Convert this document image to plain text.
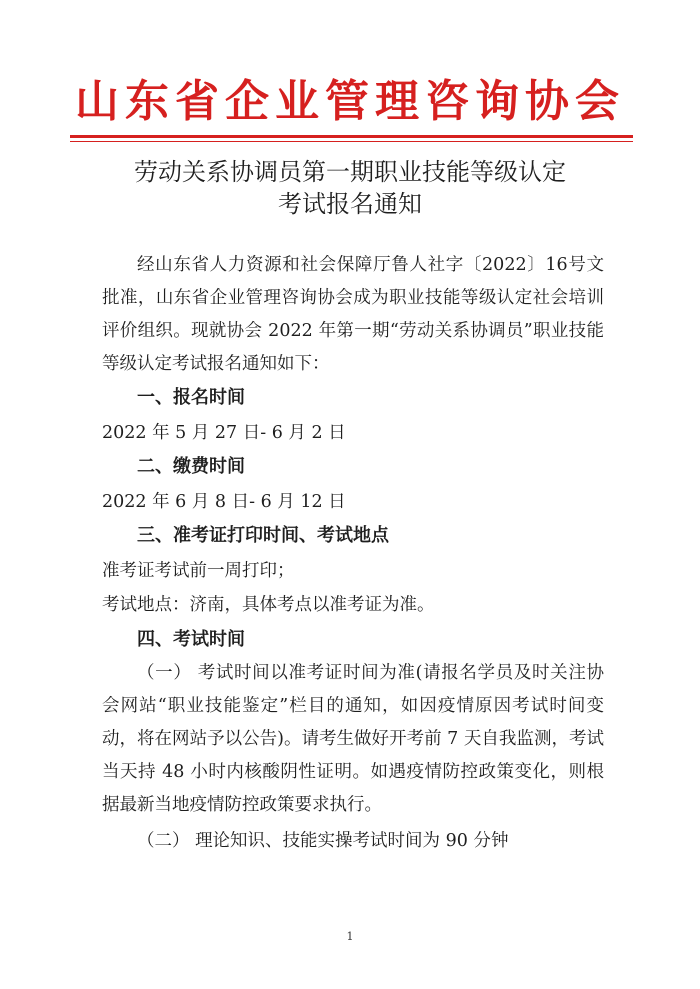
山东省企业管理咨询协会
劳动关系协调员第一期职业技能等级认定
考试报名通知

经山东省人力资源和社会保障厅鲁人社字〔2022〕16号文批准，山东省企业管理咨询协会成为职业技能等级认定社会培训评价组织。现就协会 2022 年第一期“劳动关系协调员”职业技能等级认定考试报名通知如下：

一、报名时间

2022 年 5 月 27 日- 6 月 2 日

二、缴费时间

2022 年 6 月 8 日- 6 月 12 日

三、准考证打印时间、考试地点

准考证考试前一周打印；

考试地点：济南，具体考点以准考证为准。

四、考试时间

（一） 考试时间以准考证时间为准(请报名学员及时关注协会网站“职业技能鉴定”栏目的通知，如因疫情原因考试时间变动，将在网站予以公告)。请考生做好开考前 7 天自我监测，考试当天持 48 小时内核酸阴性证明。如遇疫情防控政策变化，则根据最新当地疫情防控政策要求执行。

（二） 理论知识、技能实操考试时间为 90 分钟

1
